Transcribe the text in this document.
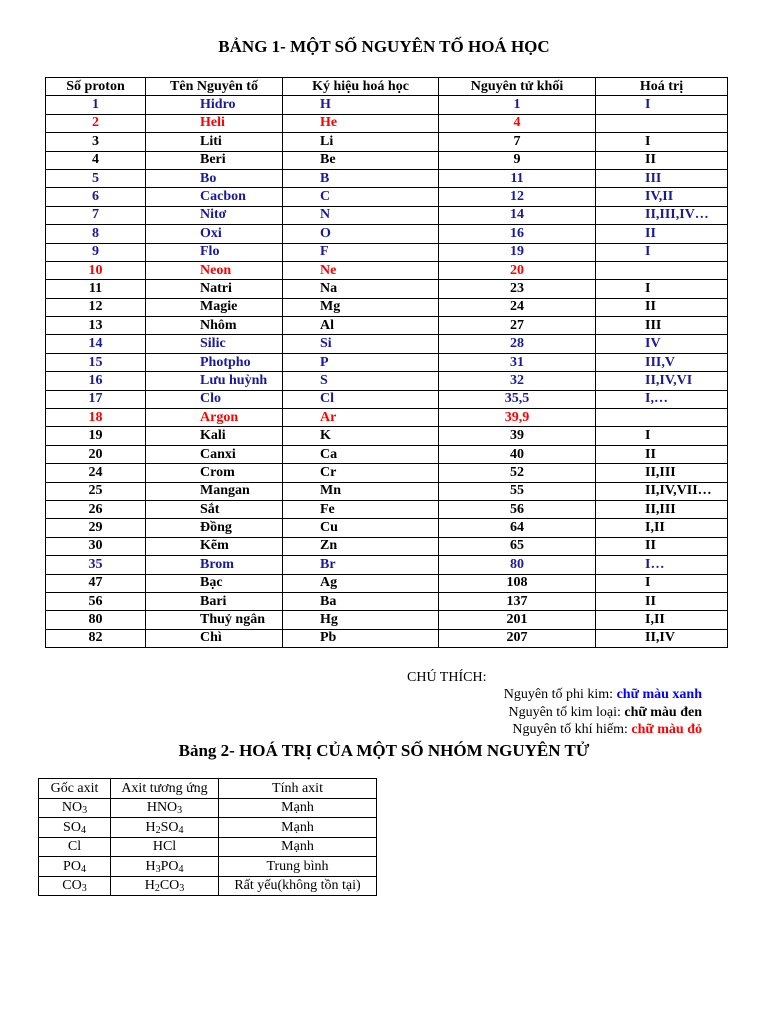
BẢNG 1- MỘT SỐ NGUYÊN TỐ HOÁ HỌC
Số proton	Tên Nguyên tố	Ký hiệu hoá học	Nguyên tử khối	Hoá trị
1	Hidro	H	1	I
2	Heli	He	4	
3	Liti	Li	7	I
4	Beri	Be	9	II
5	Bo	B	11	III
6	Cacbon	C	12	IV,II
7	Nitơ	N	14	II,III,IV…
8	Oxi	O	16	II
9	Flo	F	19	I
10	Neon	Ne	20	
11	Natri	Na	23	I
12	Magie	Mg	24	II
13	Nhôm	Al	27	III
14	Silic	Si	28	IV
15	Photpho	P	31	III,V
16	Lưu huỳnh	S	32	II,IV,VI
17	Clo	Cl	35,5	I,…
18	Argon	Ar	39,9	
19	Kali	K	39	I
20	Canxi	Ca	40	II
24	Crom	Cr	52	II,III
25	Mangan	Mn	55	II,IV,VII…
26	Sắt	Fe	56	II,III
29	Đồng	Cu	64	I,II
30	Kẽm	Zn	65	II
35	Brom	Br	80	I…
47	Bạc	Ag	108	I
56	Bari	Ba	137	II
80	Thuỷ ngân	Hg	201	I,II
82	Chì	Pb	207	II,IV
CHÚ THÍCH:
Nguyên tố phi kim: chữ màu xanh
Nguyên tố kim loại: chữ màu đen
Nguyên tố khí hiếm: chữ màu đỏ
Bảng 2- HOÁ TRỊ CỦA MỘT SỐ NHÓM NGUYÊN TỬ
Gốc axit	Axit tương ứng	Tính axit
$NO_3$	$HNO_3$	Mạnh
$SO_4$	$H_2SO_4$	Mạnh
Cl	HCl	Mạnh
$PO_4$	$H_3PO_4$	Trung bình
$CO_3$	$H_2CO_3$	Rất yếu(không tồn tại)
